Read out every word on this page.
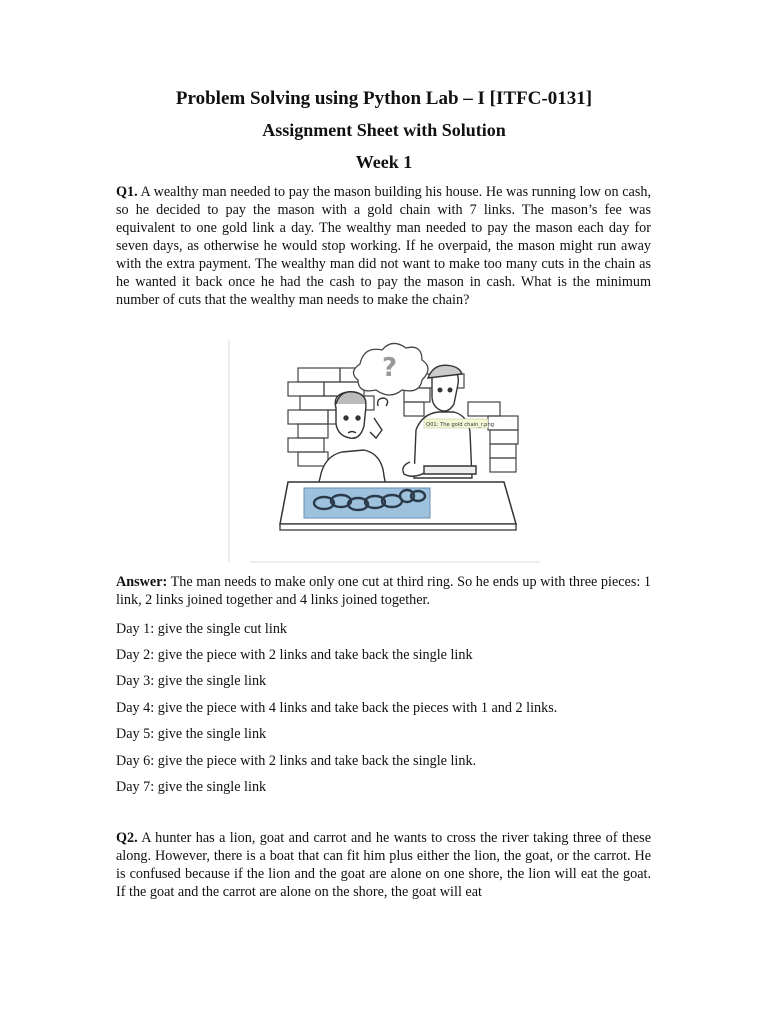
Problem Solving using Python Lab – I [ITFC-0131]
Assignment Sheet with Solution
Week 1
Q1. A wealthy man needed to pay the mason building his house. He was running low on cash, so he decided to pay the mason with a gold chain with 7 links. The mason’s fee was equivalent to one gold link a day. The wealthy man needed to pay the mason each day for seven days, as otherwise he would stop working. If he overpaid, the mason might run away with the extra payment. The wealthy man did not want to make too many cuts in the chain as he wanted it back once he had the cash to pay the mason in cash. What is the minimum number of cuts that the wealthy man needs to make the chain?
?
Q01: The gold chain_r.png
Answer: The man needs to make only one cut at third ring. So he ends up with three pieces: 1 link, 2 links joined together and 4 links joined together.
Day 1: give the single cut link
Day 2: give the piece with 2 links and take back the single link
Day 3: give the single link
Day 4: give the piece with 4 links and take back the pieces with 1 and 2 links.
Day 5: give the single link
Day 6: give the piece with 2 links and take back the single link.
Day 7: give the single link
Q2. A hunter has a lion, goat and carrot and he wants to cross the river taking three of these along. However, there is a boat that can fit him plus either the lion, the goat, or the carrot. He is confused because if the lion and the goat are alone on one shore, the lion will eat the goat. If the goat and the carrot are alone on the shore, the goat will eat
